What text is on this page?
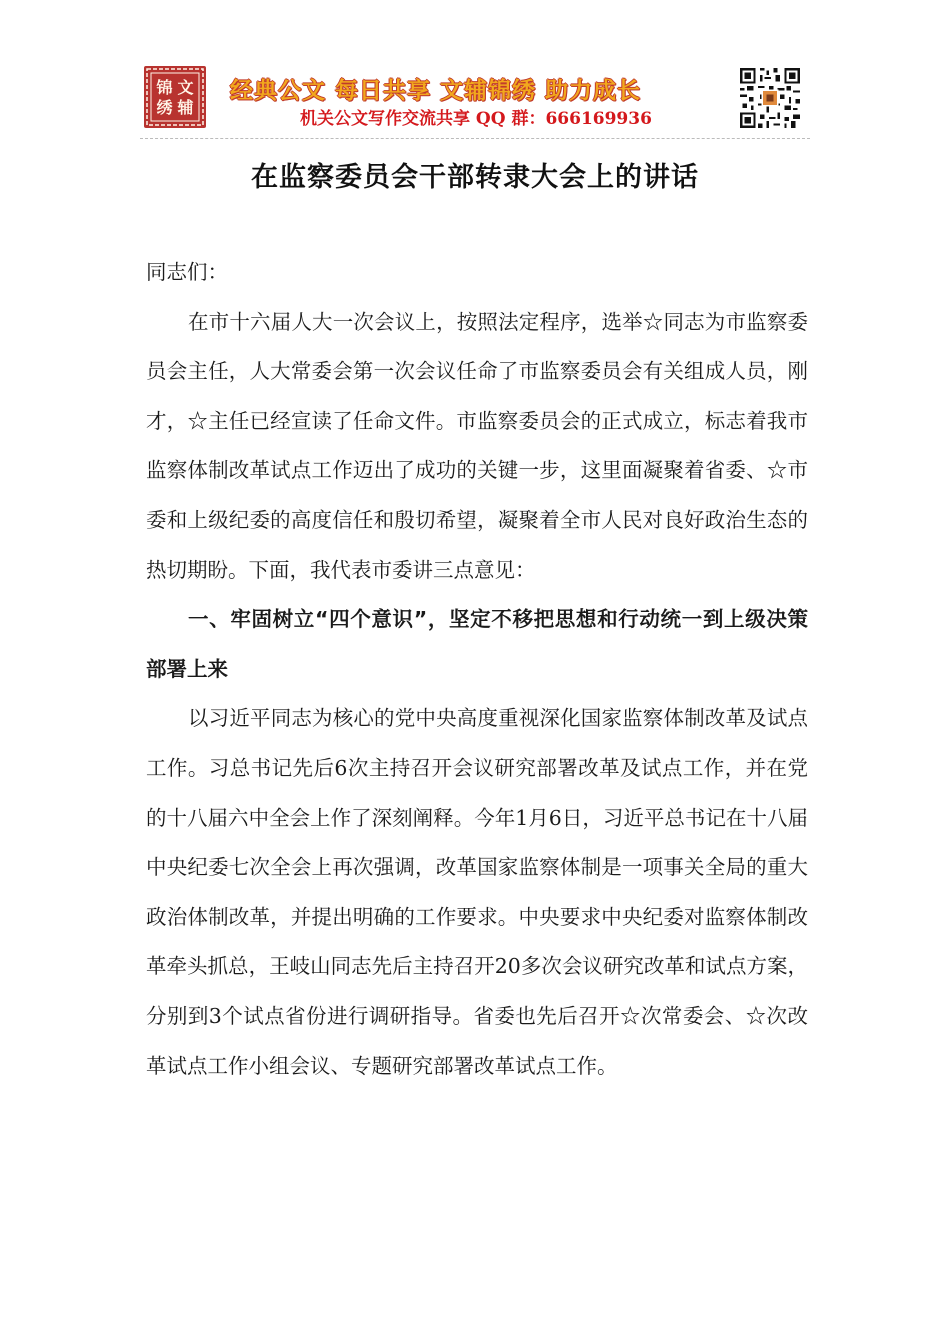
锦 文
绣 辅
经典公文 每日共享 文辅锦绣 助力成长
机关公文写作交流共享 QQ 群：666169936
在监察委员会干部转隶大会上的讲话

同志们：

在市十六届人大一次会议上，按照法定程序，选举☆同志为市监察委员会主任，人大常委会第一次会议任命了市监察委员会有关组成人员，刚才，☆主任已经宣读了任命文件。市监察委员会的正式成立，标志着我市监察体制改革试点工作迈出了成功的关键一步，这里面凝聚着省委、☆市委和上级纪委的高度信任和殷切希望，凝聚着全市人民对良好政治生态的热切期盼。下面，我代表市委讲三点意见：

一、牢固树立“四个意识”，坚定不移把思想和行动统一到上级决策部署上来

以习近平同志为核心的党中央高度重视深化国家监察体制改革及试点工作。习总书记先后6次主持召开会议研究部署改革及试点工作，并在党的十八届六中全会上作了深刻阐释。今年1月6日，习近平总书记在十八届中央纪委七次全会上再次强调，改革国家监察体制是一项事关全局的重大政治体制改革，并提出明确的工作要求。中央要求中央纪委对监察体制改革牵头抓总，王岐山同志先后主持召开20多次会议研究改革和试点方案，分别到3个试点省份进行调研指导。省委也先后召开☆次常委会、☆次改革试点工作小组会议、专题研究部署改革试点工作。
